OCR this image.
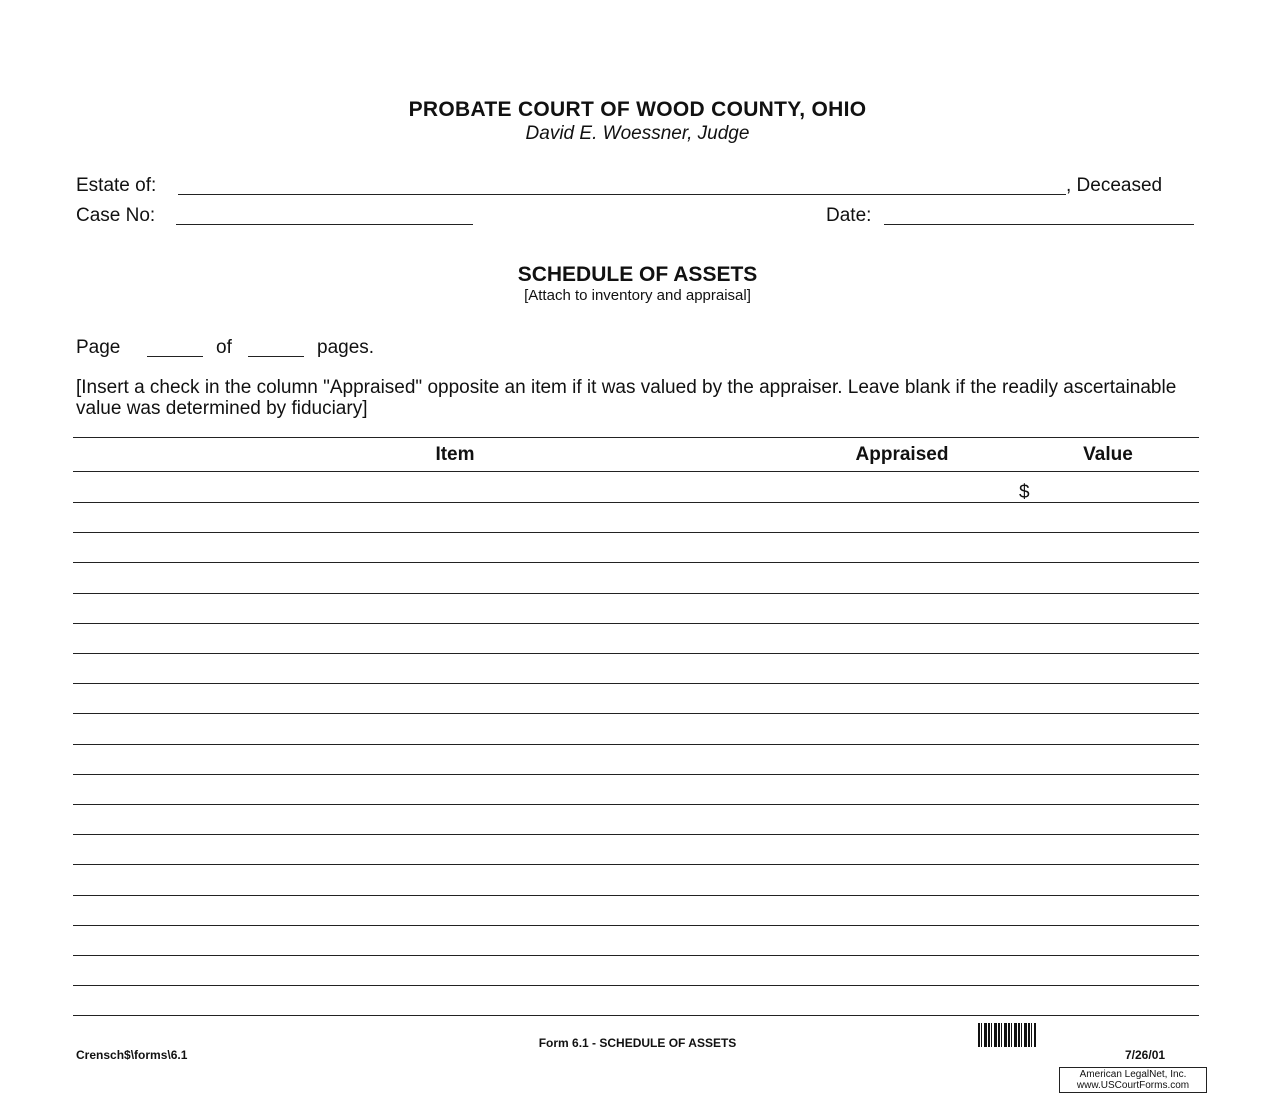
PROBATE COURT OF WOOD COUNTY, OHIO
David E. Woessner, Judge
Estate of:	, Deceased
Case No:	Date:
SCHEDULE OF ASSETS
[Attach to inventory and appraisal]
Page	of	pages.
[Insert a check in the column "Appraised" opposite an item if it was valued by the appraiser. Leave blank if the readily ascertainable value was determined by fiduciary]
Item	Appraised	Value
$
Form 6.1 - SCHEDULE OF ASSETS
Crensch$\forms\6.1	7/26/01
American LegalNet, Inc.
www.USCourtForms.com
